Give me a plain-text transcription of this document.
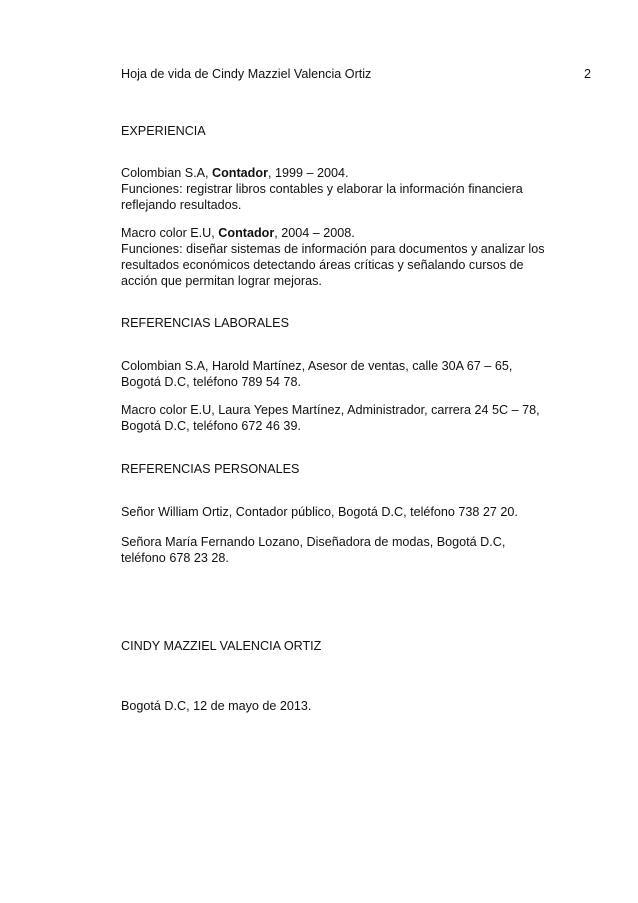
Hoja de vida de Cindy Mazziel Valencia Ortiz	2
EXPERIENCIA

Colombian S.A, Contador, 1999 – 2004.

Funciones: registrar libros contables y elaborar la información financiera reflejando resultados.

Macro color E.U, Contador, 2004 – 2008.

Funciones: diseñar sistemas de información para documentos y analizar los resultados económicos detectando áreas críticas y señalando cursos de acción que permitan lograr mejoras.

REFERENCIAS LABORALES
Colombian S.A, Harold Martínez, Asesor de ventas, calle 30A 67 – 65, Bogotá D.C, teléfono 789 54 78.
Macro color E.U, Laura Yepes Martínez, Administrador, carrera 24 5C – 78, Bogotá D.C, teléfono 672 46 39.
REFERENCIAS PERSONALES
Señor William Ortiz, Contador público, Bogotá D.C, teléfono 738 27 20.
Señora María Fernando Lozano, Diseñadora de modas, Bogotá D.C, teléfono 678 23 28.
CINDY MAZZIEL VALENCIA ORTIZ
Bogotá D.C, 12 de mayo de 2013.
